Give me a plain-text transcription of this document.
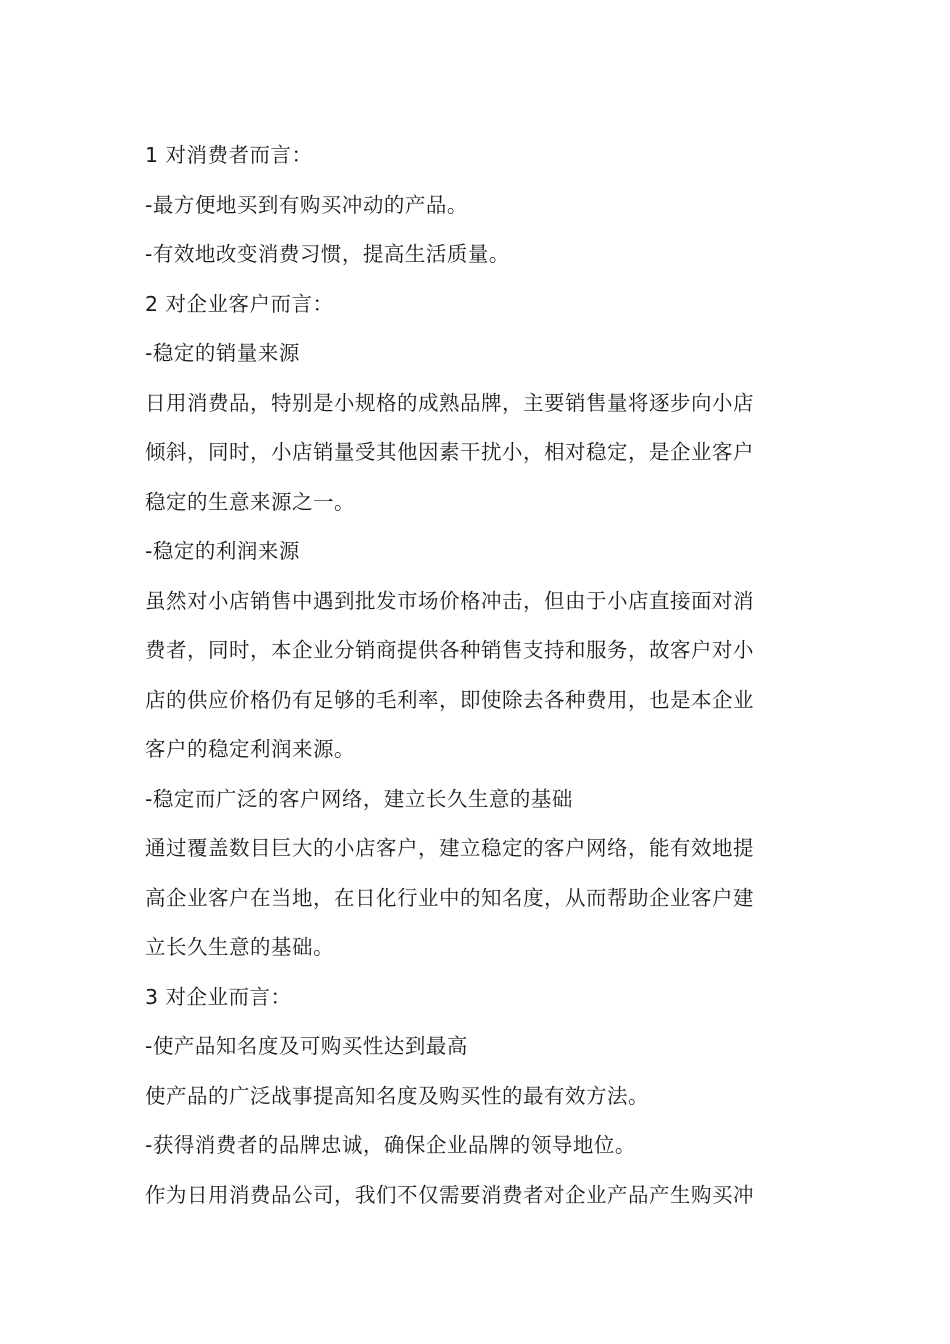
1 对消费者而言：
-最方便地买到有购买冲动的产品。
-有效地改变消费习惯，提高生活质量。
2 对企业客户而言：
-稳定的销量来源
日用消费品，特别是小规格的成熟品牌，主要销售量将逐步向小店
倾斜，同时，小店销量受其他因素干扰小，相对稳定，是企业客户
稳定的生意来源之一。
-稳定的利润来源
虽然对小店销售中遇到批发市场价格冲击，但由于小店直接面对消
费者，同时，本企业分销商提供各种销售支持和服务，故客户对小
店的供应价格仍有足够的毛利率，即使除去各种费用，也是本企业
客户的稳定利润来源。
-稳定而广泛的客户网络，建立长久生意的基础
通过覆盖数目巨大的小店客户，建立稳定的客户网络，能有效地提
高企业客户在当地，在日化行业中的知名度，从而帮助企业客户建
立长久生意的基础。
3 对企业而言：
-使产品知名度及可购买性达到最高
使产品的广泛战事提高知名度及购买性的最有效方法。
-获得消费者的品牌忠诚，确保企业品牌的领导地位。
作为日用消费品公司，我们不仅需要消费者对企业产品产生购买冲
